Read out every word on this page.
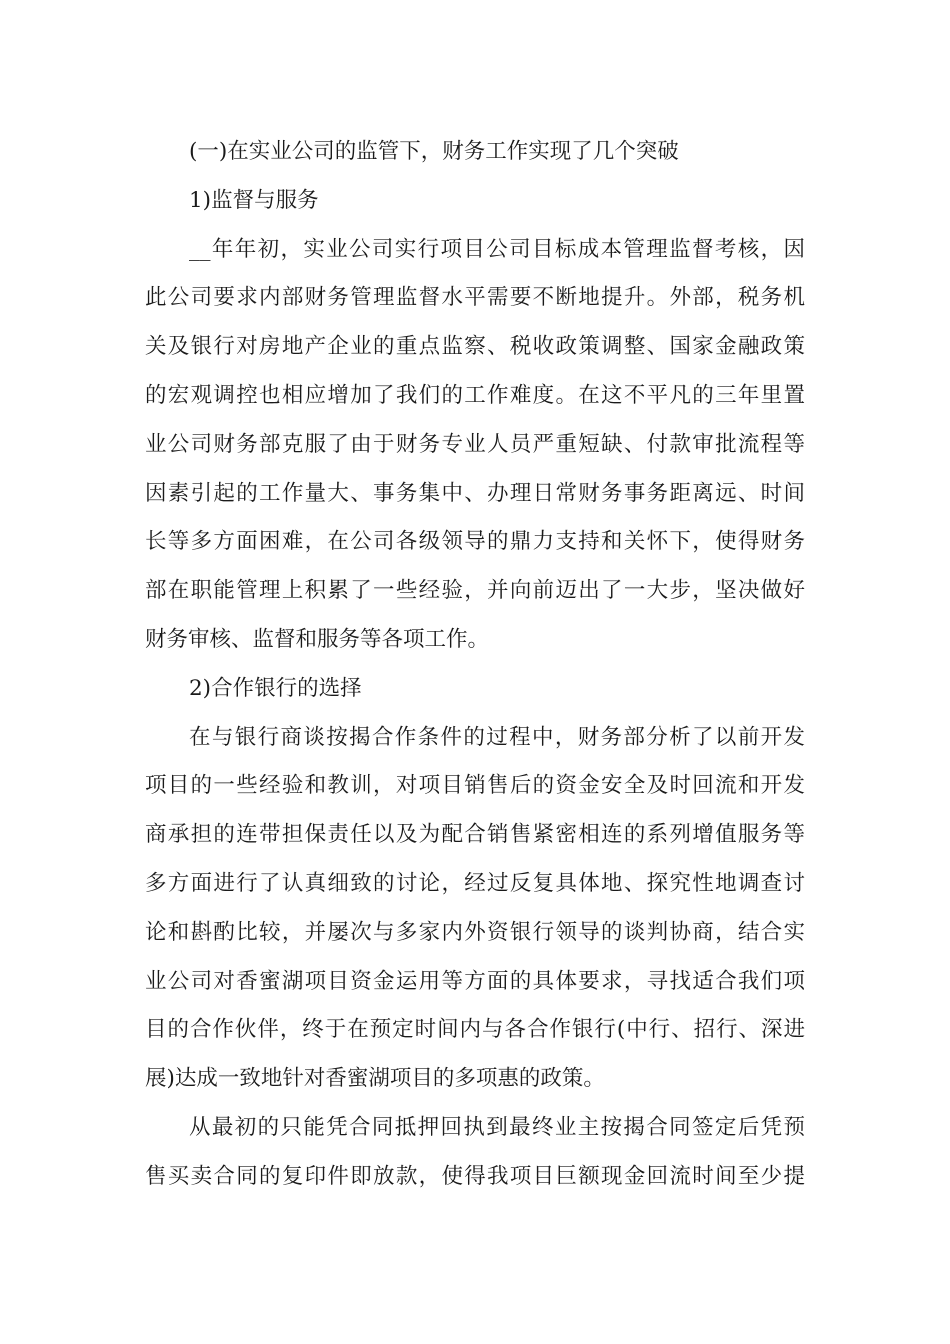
(一)在实业公司的监管下，财务工作实现了几个突破
1)监督与服务
__年年初，实业公司实行项目公司目标成本管理监督考核，因
此公司要求内部财务管理监督水平需要不断地提升。外部，税务机
关及银行对房地产企业的重点监察、税收政策调整、国家金融政策
的宏观调控也相应增加了我们的工作难度。在这不平凡的三年里置
业公司财务部克服了由于财务专业人员严重短缺、付款审批流程等
因素引起的工作量大、事务集中、办理日常财务事务距离远、时间
长等多方面困难，在公司各级领导的鼎力支持和关怀下，使得财务
部在职能管理上积累了一些经验，并向前迈出了一大步，坚决做好
财务审核、监督和服务等各项工作。
2)合作银行的选择
在与银行商谈按揭合作条件的过程中，财务部分析了以前开发
项目的一些经验和教训，对项目销售后的资金安全及时回流和开发
商承担的连带担保责任以及为配合销售紧密相连的系列增值服务等
多方面进行了认真细致的讨论，经过反复具体地、探究性地调查讨
论和斟酌比较，并屡次与多家内外资银行领导的谈判协商，结合实
业公司对香蜜湖项目资金运用等方面的具体要求，寻找适合我们项
目的合作伙伴，终于在预定时间内与各合作银行(中行、招行、深进
展)达成一致地针对香蜜湖项目的多项惠的政策。
从最初的只能凭合同抵押回执到最终业主按揭合同签定后凭预
售买卖合同的复印件即放款，使得我项目巨额现金回流时间至少提
